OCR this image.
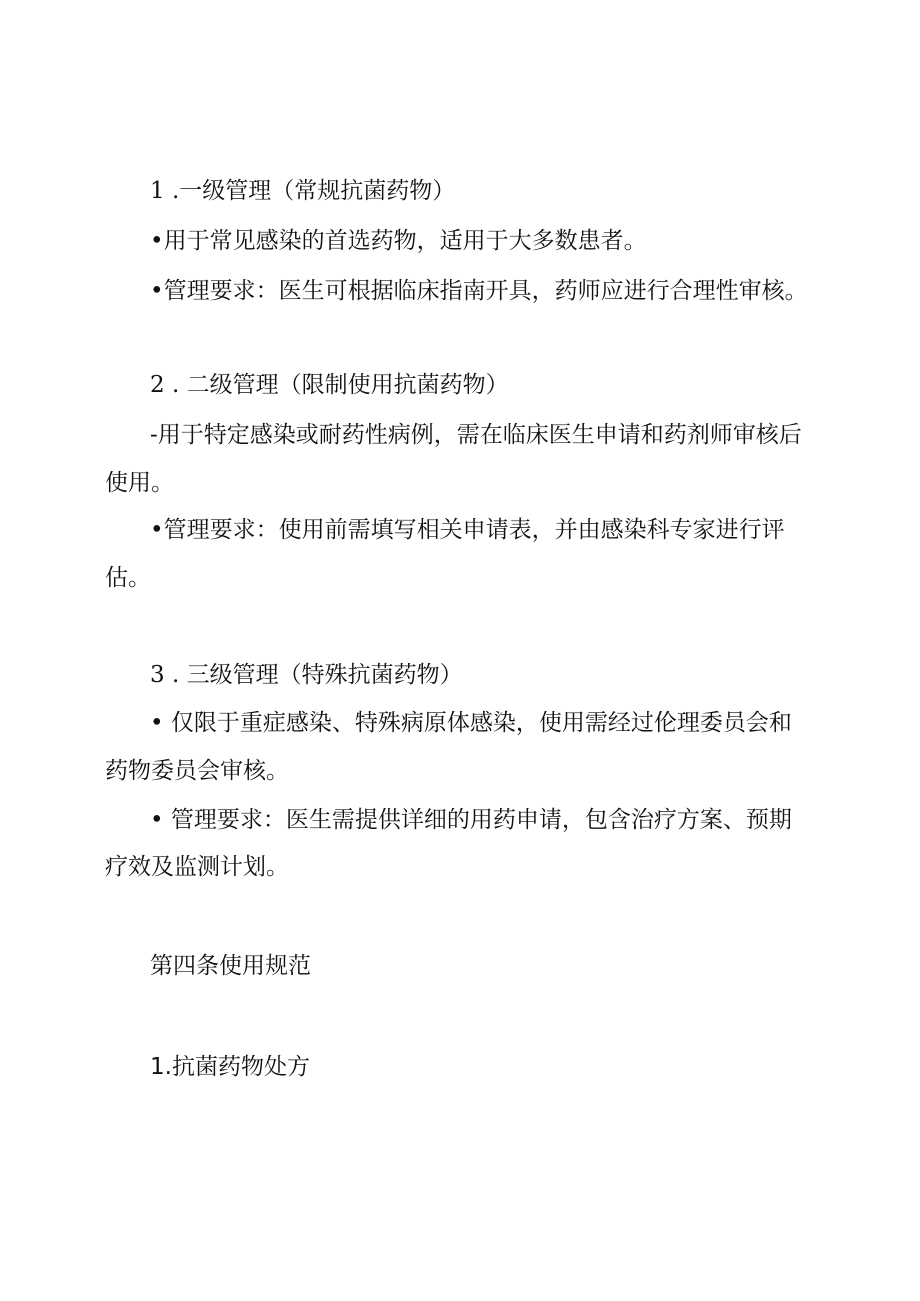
1 .一级管理（常规抗菌药物）
•用于常见感染的首选药物，适用于大多数患者。
•管理要求：医生可根据临床指南开具，药师应进行合理性审核。
2 . 二级管理（限制使用抗菌药物）
-用于特定感染或耐药性病例，需在临床医生申请和药剂师审核后
使用。
•管理要求：使用前需填写相关申请表，并由感染科专家进行评
估。
3 . 三级管理（特殊抗菌药物）
• 仅限于重症感染、特殊病原体感染，使用需经过伦理委员会和
药物委员会审核。
• 管理要求：医生需提供详细的用药申请，包含治疗方案、预期
疗效及监测计划。
第四条使用规范
1.抗菌药物处方
